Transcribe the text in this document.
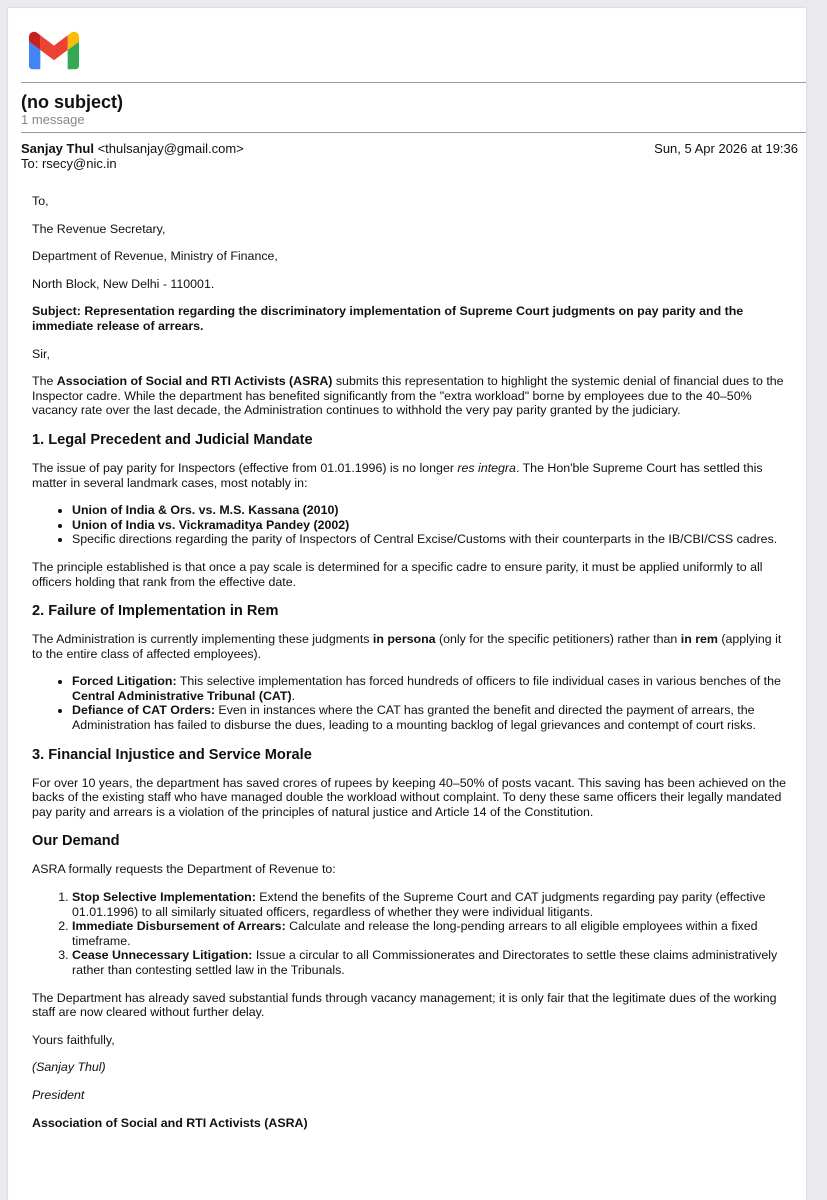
(no subject)
1 message
Sanjay Thul <thulsanjay@gmail.com>	Sun, 5 Apr 2026 at 19:36
To: rsecy@nic.in

To,

The Revenue Secretary,

Department of Revenue, Ministry of Finance,

North Block, New Delhi - 110001.

Subject: Representation regarding the discriminatory implementation of Supreme Court judgments on pay parity and the immediate release of arrears.

Sir,

The Association of Social and RTI Activists (ASRA) submits this representation to highlight the systemic denial of financial dues to the Inspector cadre. While the department has benefited significantly from the "extra workload" borne by employees due to the 40–50% vacancy rate over the last decade, the Administration continues to withhold the very pay parity granted by the judiciary.

1. Legal Precedent and Judicial Mandate

The issue of pay parity for Inspectors (effective from 01.01.1996) is no longer res integra. The Hon'ble Supreme Court has settled this matter in several landmark cases, most notably in:

• Union of India & Ors. vs. M.S. Kassana (2010)
• Union of India vs. Vickramaditya Pandey (2002)
• Specific directions regarding the parity of Inspectors of Central Excise/Customs with their counterparts in the IB/CBI/CSS cadres.

The principle established is that once a pay scale is determined for a specific cadre to ensure parity, it must be applied uniformly to all officers holding that rank from the effective date.

2. Failure of Implementation in Rem

The Administration is currently implementing these judgments in persona (only for the specific petitioners) rather than in rem (applying it to the entire class of affected employees).

• Forced Litigation: This selective implementation has forced hundreds of officers to file individual cases in various benches of the Central Administrative Tribunal (CAT).
• Defiance of CAT Orders: Even in instances where the CAT has granted the benefit and directed the payment of arrears, the Administration has failed to disburse the dues, leading to a mounting backlog of legal grievances and contempt of court risks.
3. Financial Injustice and Service Morale

For over 10 years, the department has saved crores of rupees by keeping 40–50% of posts vacant. This saving has been achieved on the backs of the existing staff who have managed double the workload without complaint. To deny these same officers their legally mandated pay parity and arrears is a violation of the principles of natural justice and Article 14 of the Constitution.

Our Demand

ASRA formally requests the Department of Revenue to:

1. Stop Selective Implementation: Extend the benefits of the Supreme Court and CAT judgments regarding pay parity (effective 01.01.1996) to all similarly situated officers, regardless of whether they were individual litigants.
2. Immediate Disbursement of Arrears: Calculate and release the long-pending arrears to all eligible employees within a fixed timeframe.
3. Cease Unnecessary Litigation: Issue a circular to all Commissionerates and Directorates to settle these claims administratively rather than contesting settled law in the Tribunals.

The Department has already saved substantial funds through vacancy management; it is only fair that the legitimate dues of the working staff are now cleared without further delay.

Yours faithfully,

(Sanjay Thul)

President

Association of Social and RTI Activists (ASRA)
